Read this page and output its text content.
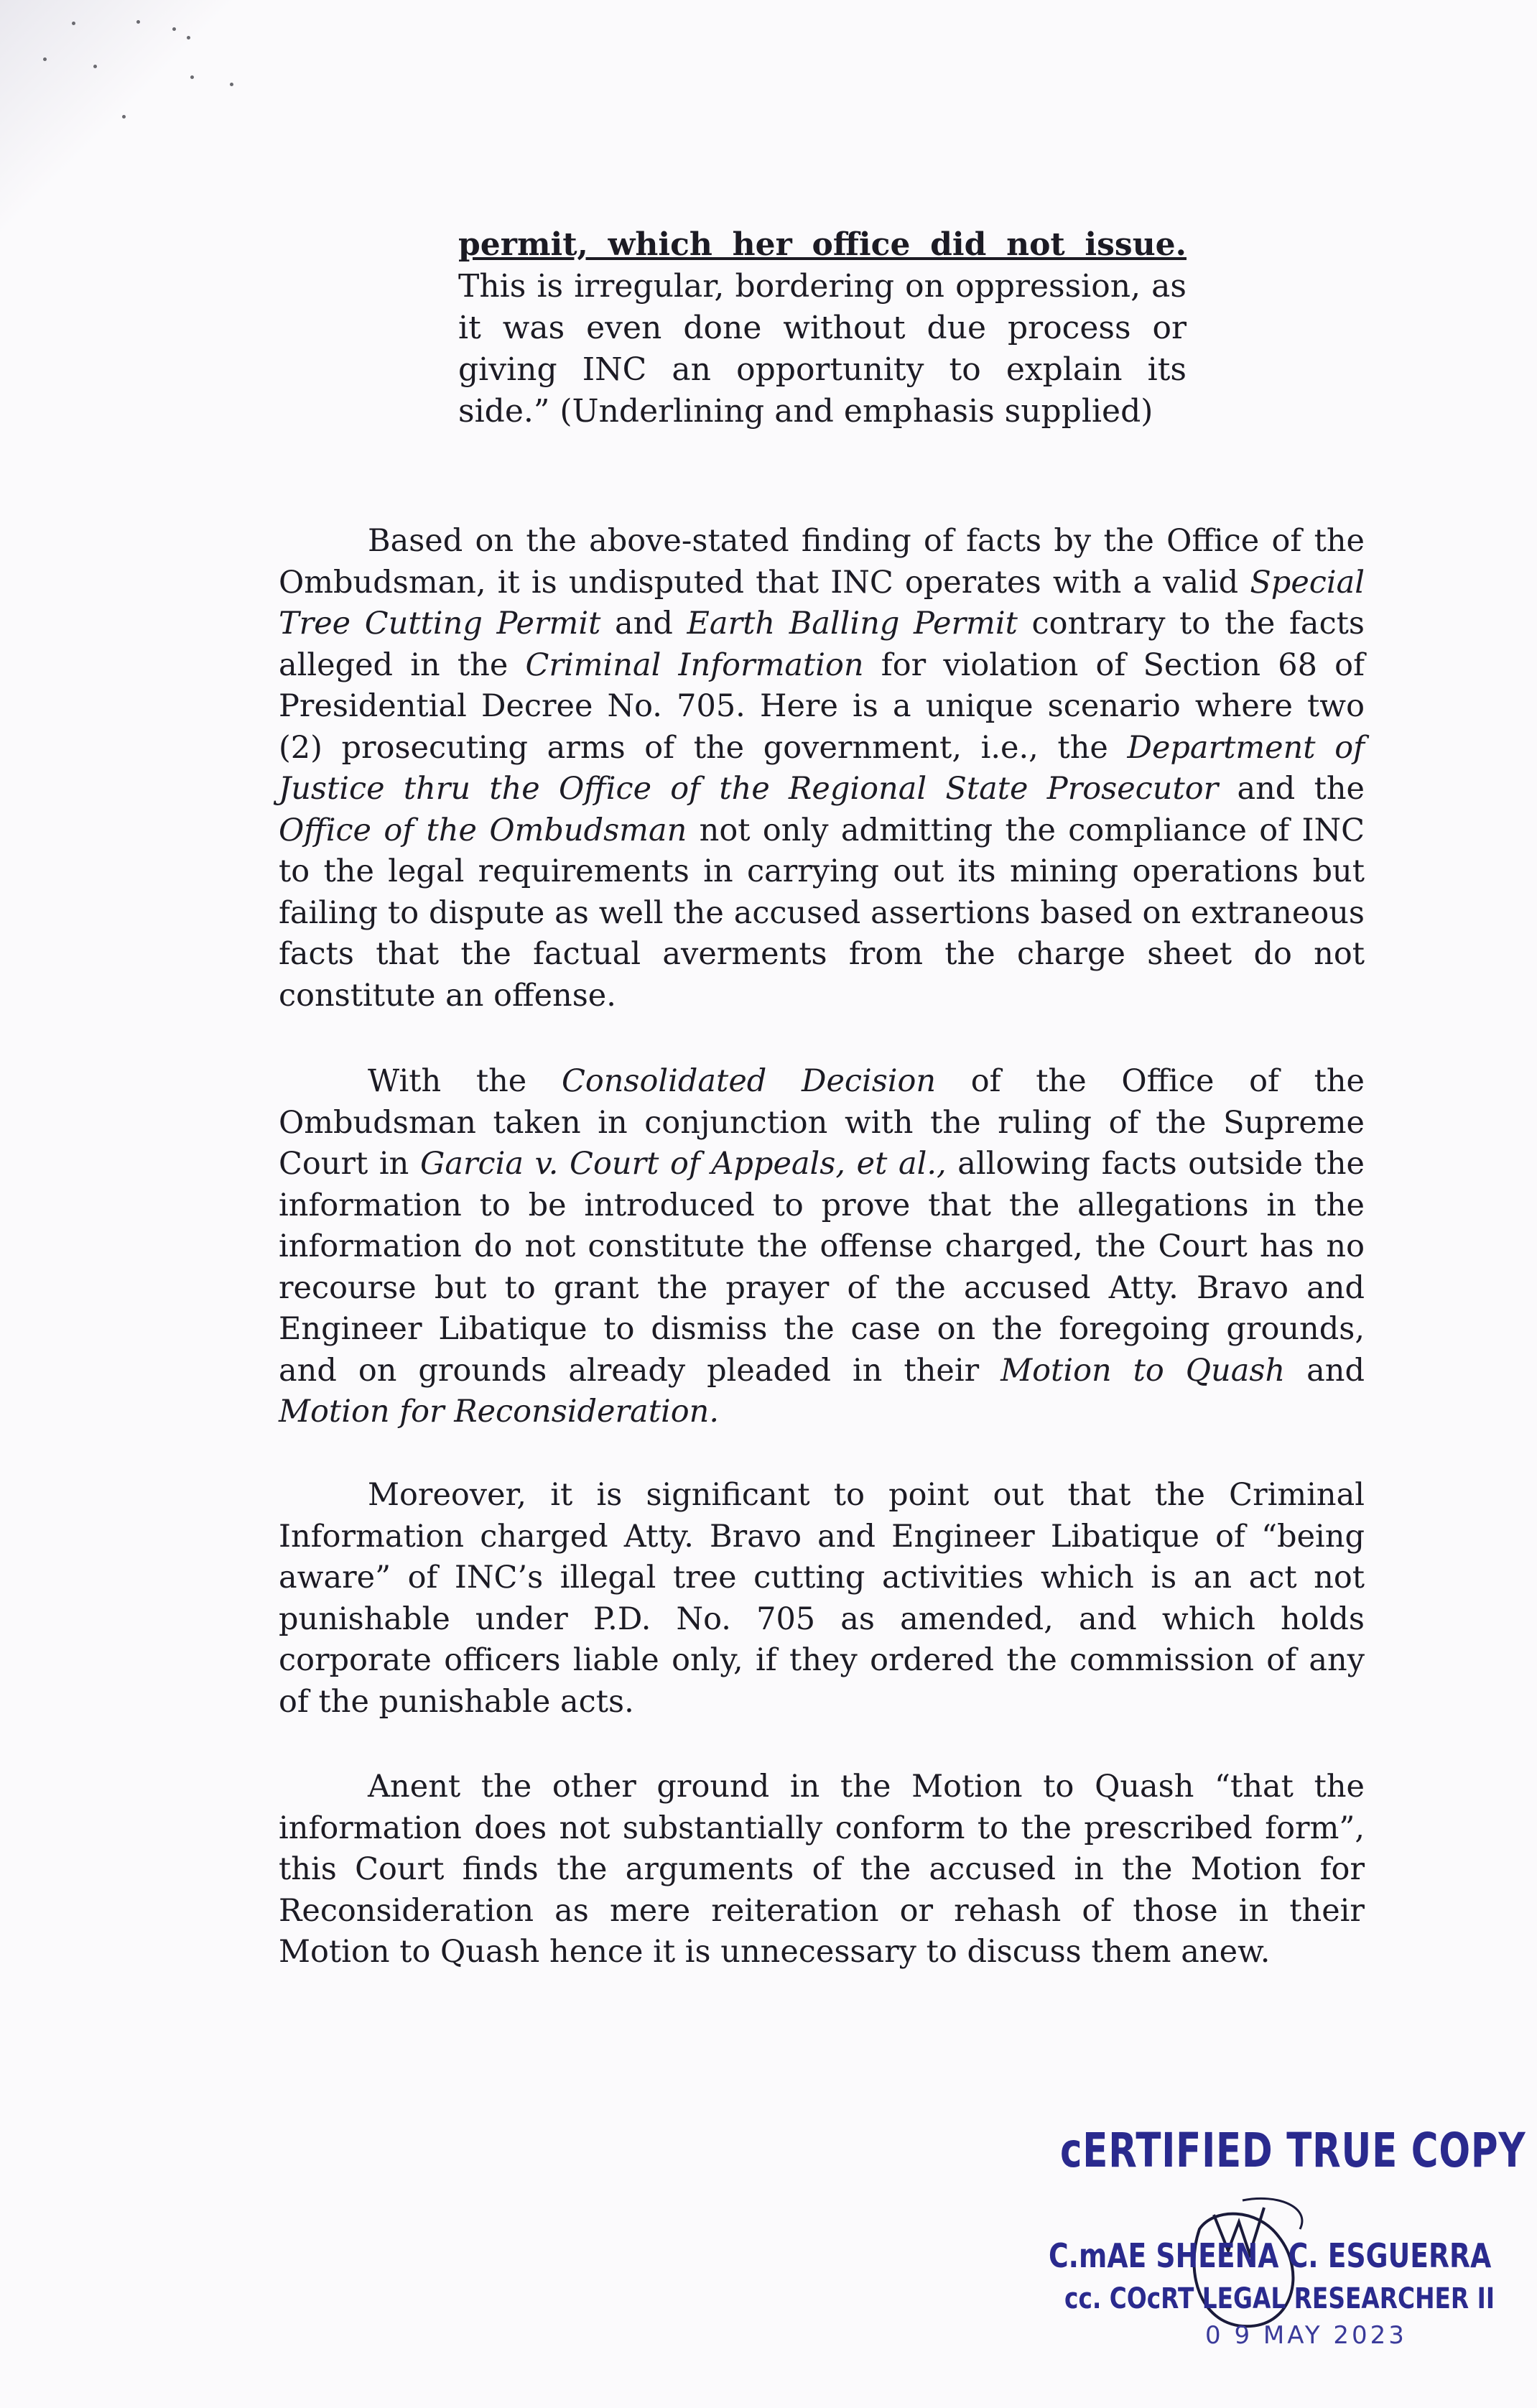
permit, which her office did not issue. This is irregular, bordering on oppression, as it was even done without due process or giving INC an opportunity to explain its side.” (Underlining and emphasis supplied)
Based on the above-stated finding of facts by the Office of the Ombudsman, it is undisputed that INC operates with a valid Special Tree Cutting Permit and Earth Balling Permit contrary to the facts alleged in the Criminal Information for violation of Section 68 of Presidential Decree No. 705. Here is a unique scenario where two (2) prosecuting arms of the government, i.e., the Department of Justice thru the Office of the Regional State Prosecutor and the Office of the Ombudsman not only admitting the compliance of INC to the legal requirements in carrying out its mining operations but failing to dispute as well the accused assertions based on extraneous facts that the factual averments from the charge sheet do not constitute an offense.
With the Consolidated Decision of the Office of the Ombudsman taken in conjunction with the ruling of the Supreme Court in Garcia v. Court of Appeals, et al., allowing facts outside the information to be introduced to prove that the allegations in the information do not constitute the offense charged, the Court has no recourse but to grant the prayer of the accused Atty. Bravo and Engineer Libatique to dismiss the case on the foregoing grounds, and on grounds already pleaded in their Motion to Quash and Motion for Reconsideration.
Moreover, it is significant to point out that the Criminal Information charged Atty. Bravo and Engineer Libatique of “being aware” of INC’s illegal tree cutting activities which is an act not punishable under P.D. No. 705 as amended, and which holds corporate officers liable only, if they ordered the commission of any of the punishable acts.
Anent the other ground in the Motion to Quash “that the information does not substantially conform to the prescribed form”, this Court finds the arguments of the accused in the Motion for Reconsideration as mere reiteration or rehash of those in their Motion to Quash hence it is unnecessary to discuss them anew.
ⅽERTIFIED TRUE COPY
Ⅽ.ⅿAE SHEENA C. ESGUERRA
ⅽⅽ. COⅽRT LEGAL RESEARCHER II
0 9 MAY 2023
